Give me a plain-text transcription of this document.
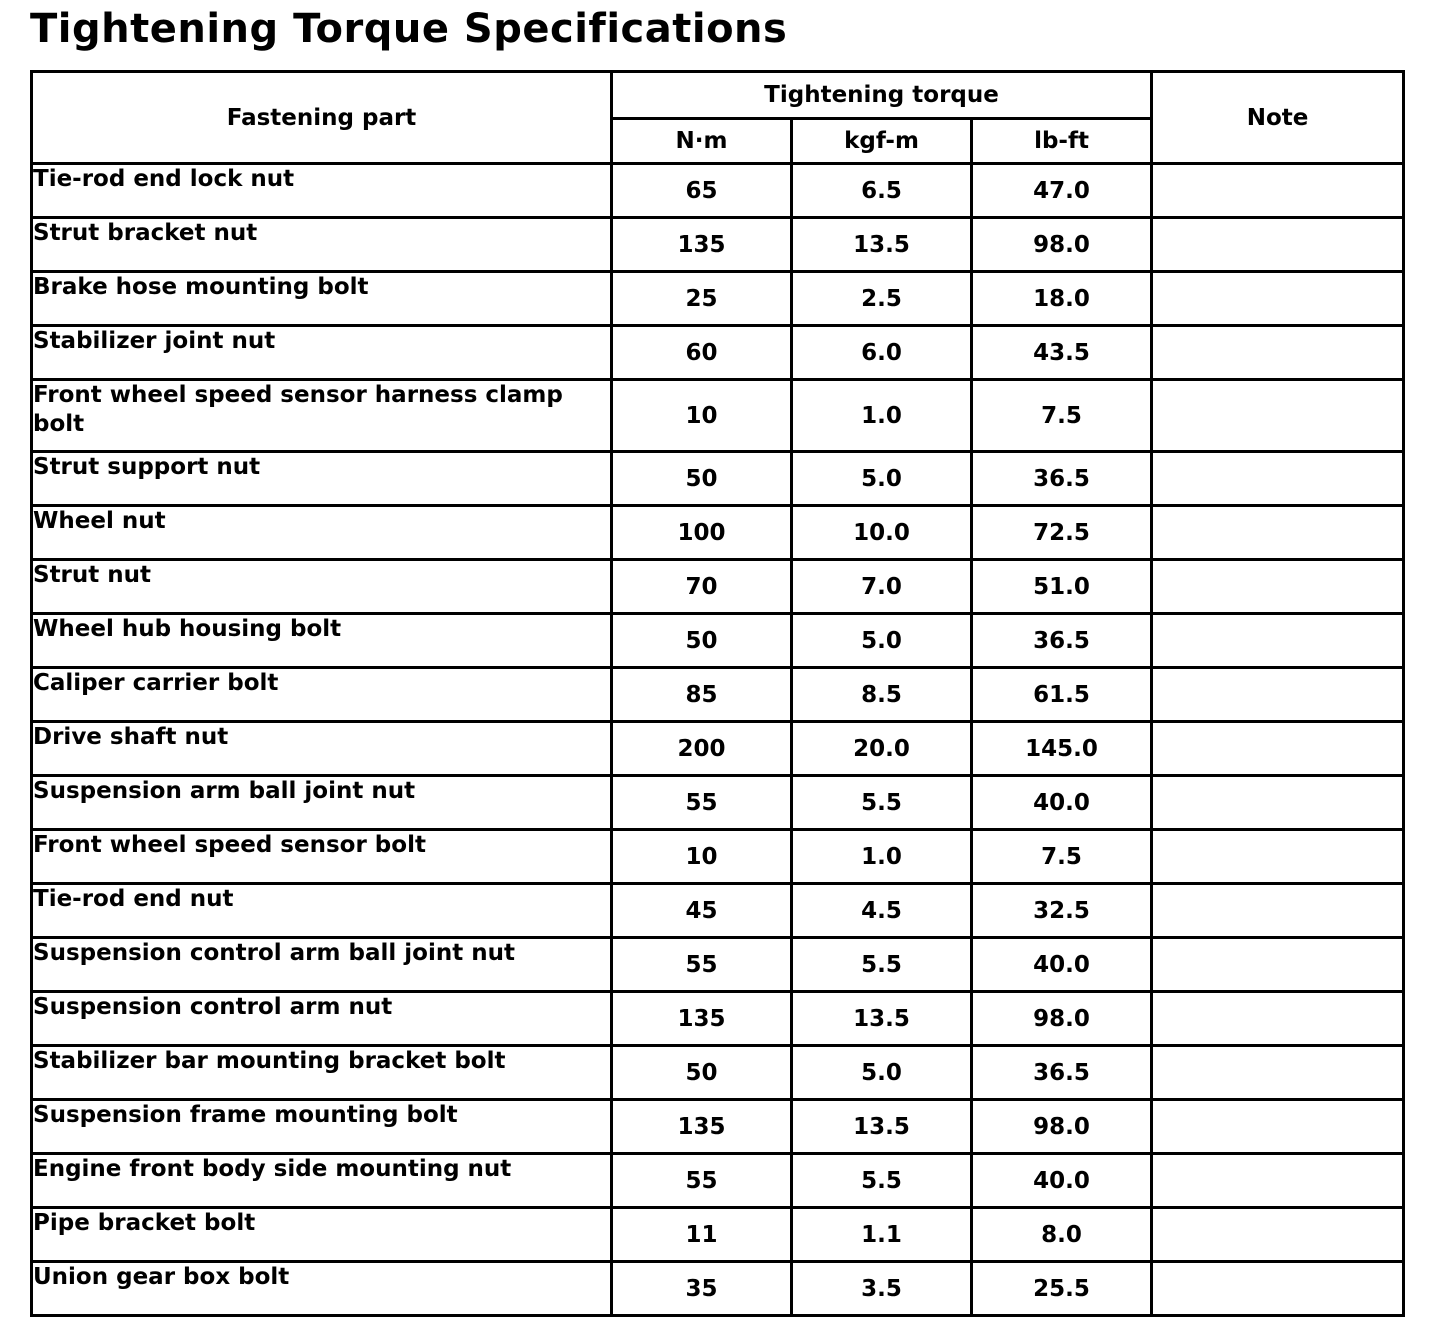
Tightening Torque Specifications
Fastening part	Tightening torque			Note
	N·m	kgf-m	lb-ft	
Tie-rod end lock nut	65	6.5	47.0	
Strut bracket nut	135	13.5	98.0	
Brake hose mounting bolt	25	2.5	18.0	
Stabilizer joint nut	60	6.0	43.5	
Front wheel speed sensor harness clamp bolt	10	1.0	7.5	
Strut support nut	50	5.0	36.5	
Wheel nut	100	10.0	72.5	
Strut nut	70	7.0	51.0	
Wheel hub housing bolt	50	5.0	36.5	
Caliper carrier bolt	85	8.5	61.5	
Drive shaft nut	200	20.0	145.0	
Suspension arm ball joint nut	55	5.5	40.0	
Front wheel speed sensor bolt	10	1.0	7.5	
Tie-rod end nut	45	4.5	32.5	
Suspension control arm ball joint nut	55	5.5	40.0	
Suspension control arm nut	135	13.5	98.0	
Stabilizer bar mounting bracket bolt	50	5.0	36.5	
Suspension frame mounting bolt	135	13.5	98.0	
Engine front body side mounting nut	55	5.5	40.0	
Pipe bracket bolt	11	1.1	8.0	
Union gear box bolt	35	3.5	25.5	
